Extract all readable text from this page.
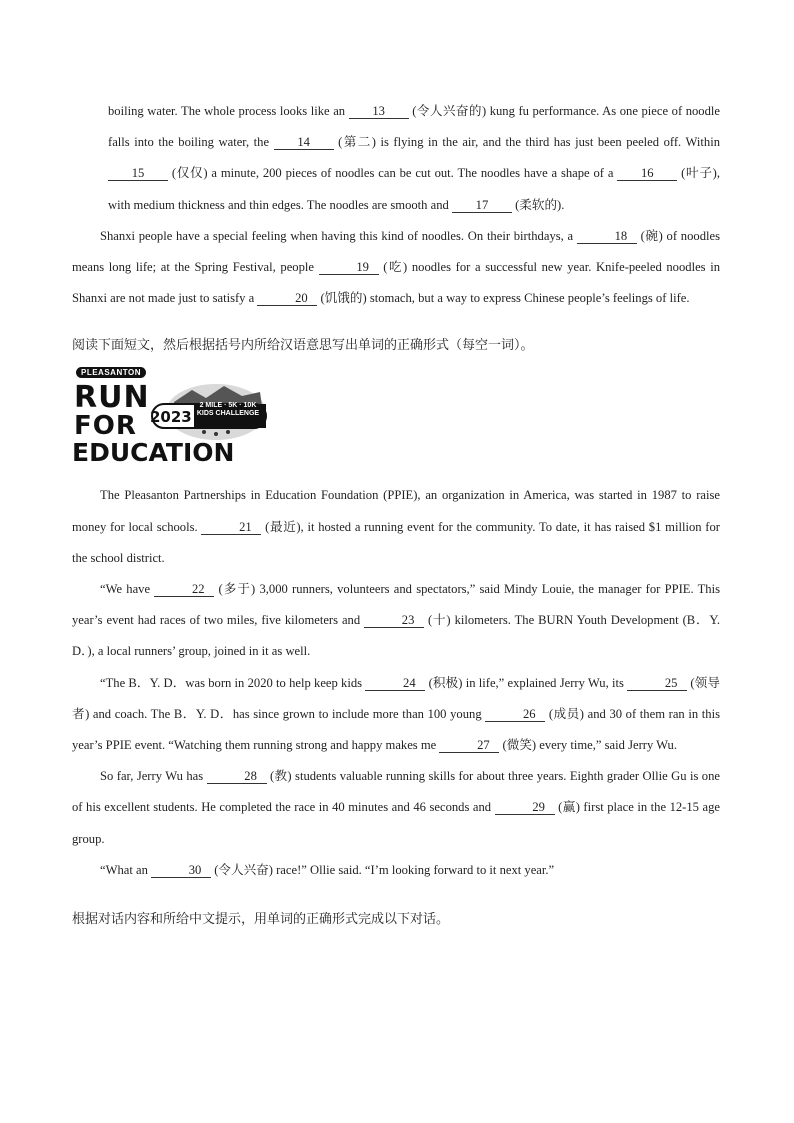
boiling water. The whole process looks like an 13 (令人兴奋的) kung fu performance. As one piece of noodle falls into the boiling water, the 14 (第二) is flying in the air, and the third has just been peeled off. Within 15 (仅仅) a minute, 200 pieces of noodles can be cut out. The noodles have a shape of a 16 (叶子), with medium thickness and thin edges. The noodles are smooth and 17 (柔软的).

Shanxi people have a special feeling when having this kind of noodles. On their birthdays, a	18 (碗) of noodles means long life; at the Spring Festival, people	19 (吃) noodles for a successful new year. Knife-peeled noodles in Shanxi are not made just to satisfy a	20 (饥饿的) stomach, but a way to express Chinese people’s feelings of life.

阅读下面短文，然后根据括号内所给汉语意思写出单词的正确形式（每空一词）。

PLEASANTON
RUN
FOR
EDUCATION
2023
2 MILE · 5K · 10K
KIDS CHALLENGE

The Pleasanton Partnerships in Education Foundation (PPIE), an organization in America, was started in 1987 to raise money for local schools.	21 (最近), it hosted a running event for the community. To date, it has raised $1 million for the school district.

“We have	22 (多于) 3,000 runners, volunteers and spectators,” said Mindy Louie, the manager for PPIE. This year’s event had races of two miles, five kilometers and	23 (十) kilometers. The BURN Youth Development (B．Y. D．), a local runners’ group, joined in it as well.

“The B．Y. D．was born in 2020 to help keep kids	24 (积极) in life,” explained Jerry Wu, its	25 (领导者) and coach. The B．Y. D．has since grown to include more than 100 young	26 (成员) and 30 of them ran in this year’s PPIE event. “Watching them running strong and happy makes me	27 (微笑) every time,” said Jerry Wu.

So far, Jerry Wu has	28 (教) students valuable running skills for about three years. Eighth grader Ollie Gu is one of his excellent students. He completed the race in 40 minutes and 46 seconds and	29 (赢) first place in the 12-15 age group.

“What an	30 (令人兴奋) race!” Ollie said. “I’m looking forward to it next year.”

根据对话内容和所给中文提示，用单词的正确形式完成以下对话。
